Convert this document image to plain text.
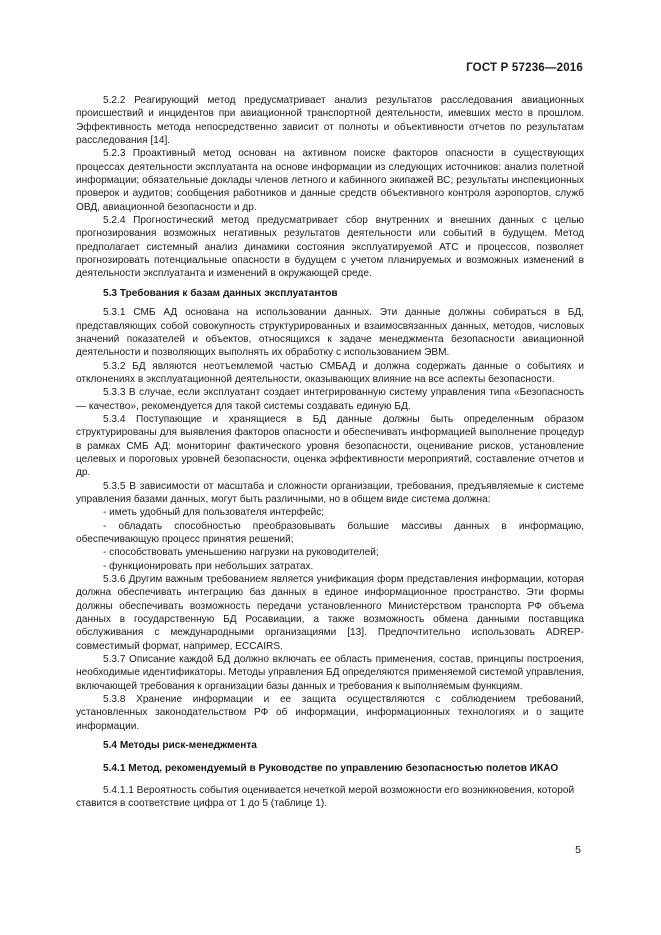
ГОСТ Р 57236—2016

5.2.2 Реагирующий метод предусматривает анализ результатов расследования авиационных происшествий и инцидентов при авиационной транспортной деятельности, имевших место в прошлом. Эффективность метода непосредственно зависит от полноты и объективности отчетов по результатам расследования [14].

5.2.3 Проактивный метод основан на активном поиске факторов опасности в существующих процессах деятельности эксплуатанта на основе информации из следующих источников: анализ полетной информации; обязательные доклады членов летного и кабинного экипажей ВС; результаты инспекционных проверок и аудитов; сообщения работников и данные средств объективного контроля аэропортов, служб ОВД, авиационной безопасности и др.

5.2.4 Прогностический метод предусматривает сбор внутренних и внешних данных с целью прогнозирования возможных негативных результатов деятельности или событий в будущем. Метод предполагает системный анализ динамики состояния эксплуатируемой АТС и процессов, позволяет прогнозировать потенциальные опасности в будущем с учетом планируемых и возможных изменений в деятельности эксплуатанта и изменений в окружающей среде.

5.3 Требования к базам данных эксплуатантов

5.3.1 СМБ АД основана на использовании данных. Эти данные должны собираться в БД, представляющих собой совокупность структурированных и взаимосвязанных данных, методов, числовых значений показателей и объектов, относящихся к задаче менеджмента безопасности авиационной деятельности и позволяющих выполнять их обработку с использованием ЭВМ.

5.3.2 БД являются неотъемлемой частью СМБАД и должна содержать данные о событиях и отклонениях в эксплуатационной деятельности, оказывающих влияние на все аспекты безопасности.

5.3.3 В случае, если эксплуатант создает интегрированную систему управления типа «Безопасность — качество», рекомендуется для такой системы создавать единую БД.

5.3.4 Поступающие и хранящиеся в БД данные должны быть определенным образом структурированы для выявления факторов опасности и обеспечивать информацией выполнение процедур в рамках СМБ АД: мониторинг фактического уровня безопасности, оценивание рисков, установление целевых и пороговых уровней безопасности, оценка эффективности мероприятий, составление отчетов и др.

5.3.5 В зависимости от масштаба и сложности организации, требования, предъявляемые к системе управления базами данных, могут быть различными, но в общем виде система должна:

- иметь удобный для пользователя интерфейс;

- обладать способностью преобразовывать большие массивы данных в информацию, обеспечивающую процесс принятия решений;

- способствовать уменьшению нагрузки на руководителей;

- функционировать при небольших затратах.

5.3.6 Другим важным требованием является унификация форм представления информации, которая должна обеспечивать интеграцию баз данных в единое информационное пространство. Эти формы должны обеспечивать возможность передачи установленного Министерством транспорта РФ объема данных в государственную БД Росавиации, а также возможность обмена данными поставщика обслуживания с международными организациями [13]. Предпочтительно использовать ADREP-совместимый формат, например, ECCAIRS.

5.3.7 Описание каждой БД должно включать ее область применения, состав, принципы построения, необходимые идентификаторы. Методы управления БД определяются применяемой системой управления, включающей требования к организации базы данных и требования к выполняемым функциям.

5.3.8 Хранение информации и ее защита осуществляются с соблюдением требований, установленных законодательством РФ об информации, информационных технологиях и о защите информации.

5.4 Методы риск-менеджмента

5.4.1 Метод, рекомендуемый в Руководстве по управлению безопасностью полетов ИКАО

5.4.1.1 Вероятность события оценивается нечеткой мерой возможности его возникновения, которой ставится в соответствие цифра от 1 до 5 (таблице 1).

5
